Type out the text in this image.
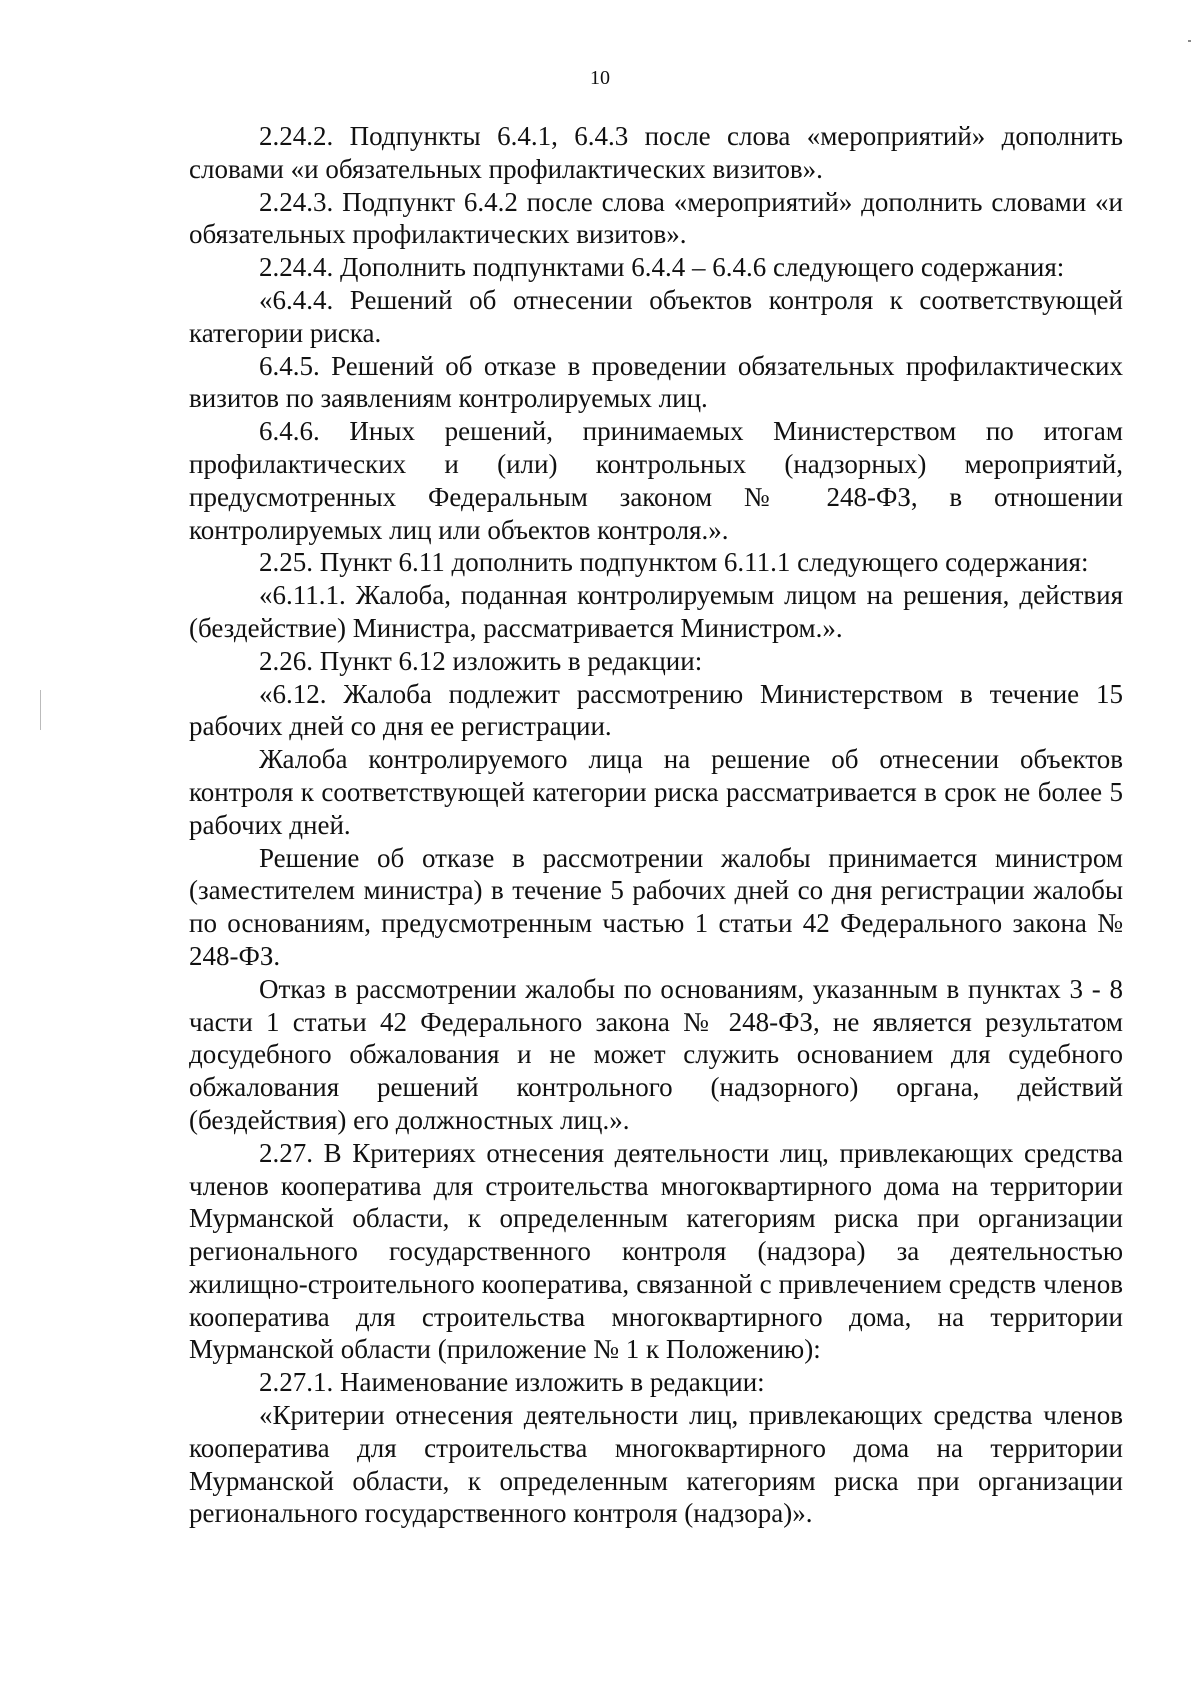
10

2.24.2. Подпункты 6.4.1, 6.4.3 после слова «мероприятий» дополнить словами «и обязательных профилактических визитов».

2.24.3. Подпункт 6.4.2 после слова «мероприятий» дополнить словами «и обязательных профилактических визитов».

2.24.4. Дополнить подпунктами 6.4.4 – 6.4.6 следующего содержания:

«6.4.4. Решений об отнесении объектов контроля к соответствующей категории риска.

6.4.5. Решений об отказе в проведении обязательных профилактических визитов по заявлениям контролируемых лиц.

6.4.6. Иных решений, принимаемых Министерством по итогам профилактических и (или) контрольных (надзорных) мероприятий, предусмотренных Федеральным законом № 248-ФЗ, в отношении контролируемых лиц или объектов контроля.».

2.25. Пункт 6.11 дополнить подпунктом 6.11.1 следующего содержания:

«6.11.1. Жалоба, поданная контролируемым лицом на решения, действия (бездействие) Министра, рассматривается Министром.».

2.26. Пункт 6.12 изложить в редакции:

«6.12. Жалоба подлежит рассмотрению Министерством в течение 15 рабочих дней со дня ее регистрации.

Жалоба контролируемого лица на решение об отнесении объектов контроля к соответствующей категории риска рассматривается в срок не более 5 рабочих дней.

Решение об отказе в рассмотрении жалобы принимается министром (заместителем министра) в течение 5 рабочих дней со дня регистрации жалобы по основаниям, предусмотренным частью 1 статьи 42 Федерального закона № 248-ФЗ.

Отказ в рассмотрении жалобы по основаниям, указанным в пунктах 3 - 8 части 1 статьи 42 Федерального закона № 248-ФЗ, не является результатом досудебного обжалования и не может служить основанием для судебного обжалования решений контрольного (надзорного) органа, действий (бездействия) его должностных лиц.».

2.27. В Критериях отнесения деятельности лиц, привлекающих средства членов кооператива для строительства многоквартирного дома на территории Мурманской области, к определенным категориям риска при организации регионального государственного контроля (надзора) за деятельностью жилищно-строительного кооператива, связанной с привлечением средств членов кооператива для строительства многоквартирного дома, на территории Мурманской области (приложение № 1 к Положению):

2.27.1. Наименование изложить в редакции:

«Критерии отнесения деятельности лиц, привлекающих средства членов кооператива для строительства многоквартирного дома на территории Мурманской области, к определенным категориям риска при организации регионального государственного контроля (надзора)».
